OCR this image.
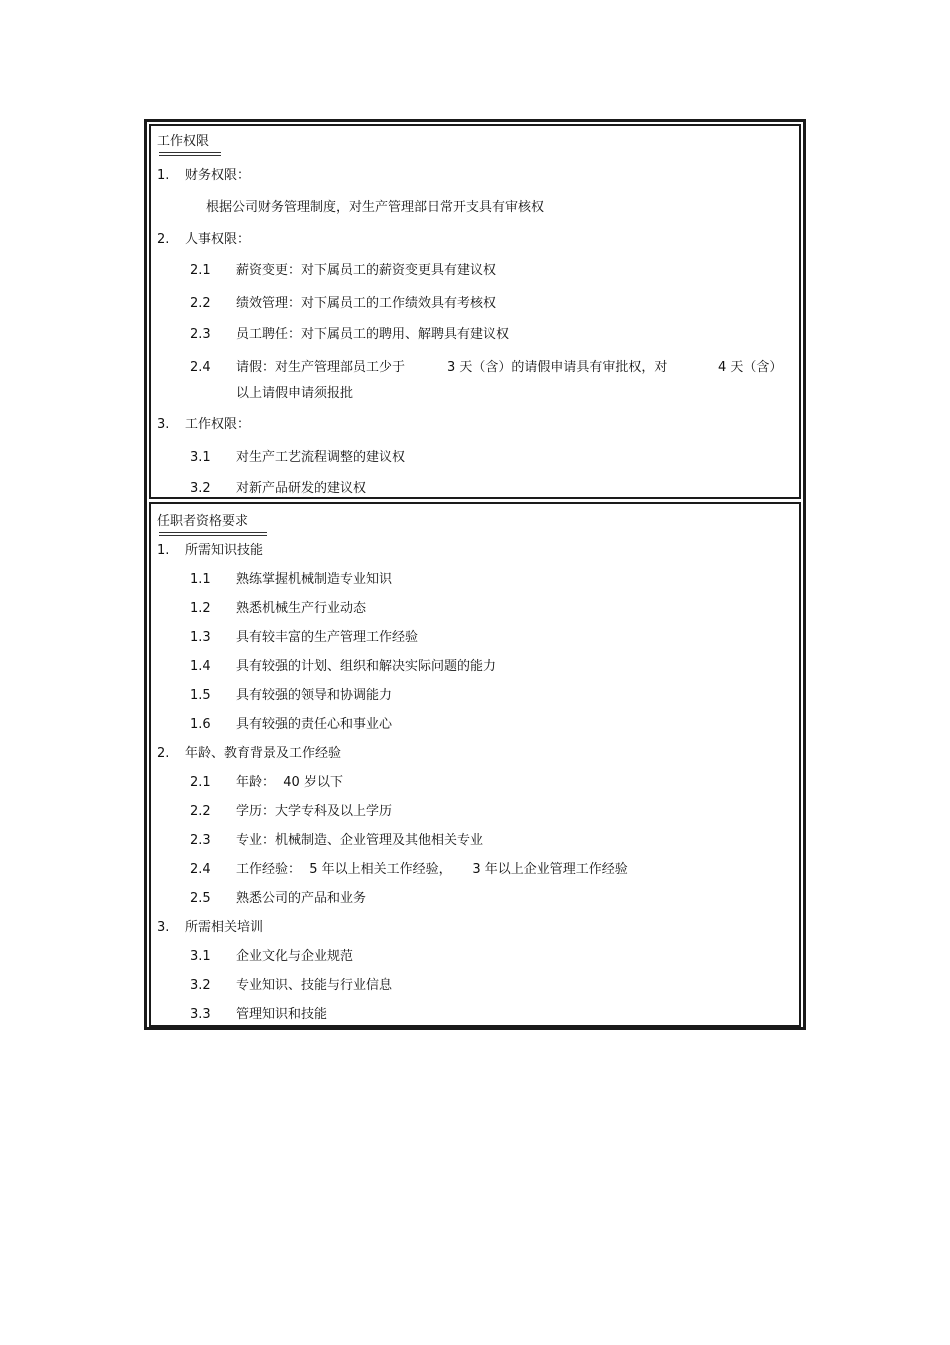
工作权限
1. 财务权限：
根据公司财务管理制度，对生产管理部日常开支具有审核权
2. 人事权限：
2.1 薪资变更：对下属员工的薪资变更具有建议权
2.2 绩效管理：对下属员工的工作绩效具有考核权
2.3 员工聘任：对下属员工的聘用、解聘具有建议权
2.4 请假：对生产管理部员工少于	3 天（含）的请假申请具有审批权，对	4 天（含）
以上请假申请须报批
3. 工作权限：
3.1 对生产工艺流程调整的建议权
3.2 对新产品研发的建议权
任职者资格要求
1. 所需知识技能
1.1 熟练掌握机械制造专业知识
1.2 熟悉机械生产行业动态
1.3 具有较丰富的生产管理工作经验
1.4 具有较强的计划、组织和解决实际问题的能力
1.5 具有较强的领导和协调能力
1.6 具有较强的责任心和事业心
2. 年龄、教育背景及工作经验
2.1 年龄：  40 岁以下
2.2 学历：大学专科及以上学历
2.3 专业：机械制造、企业管理及其他相关专业
2.4 工作经验：  5 年以上相关工作经验，     3 年以上企业管理工作经验
2.5 熟悉公司的产品和业务
3. 所需相关培训
3.1 企业文化与企业规范
3.2 专业知识、技能与行业信息
3.3 管理知识和技能
